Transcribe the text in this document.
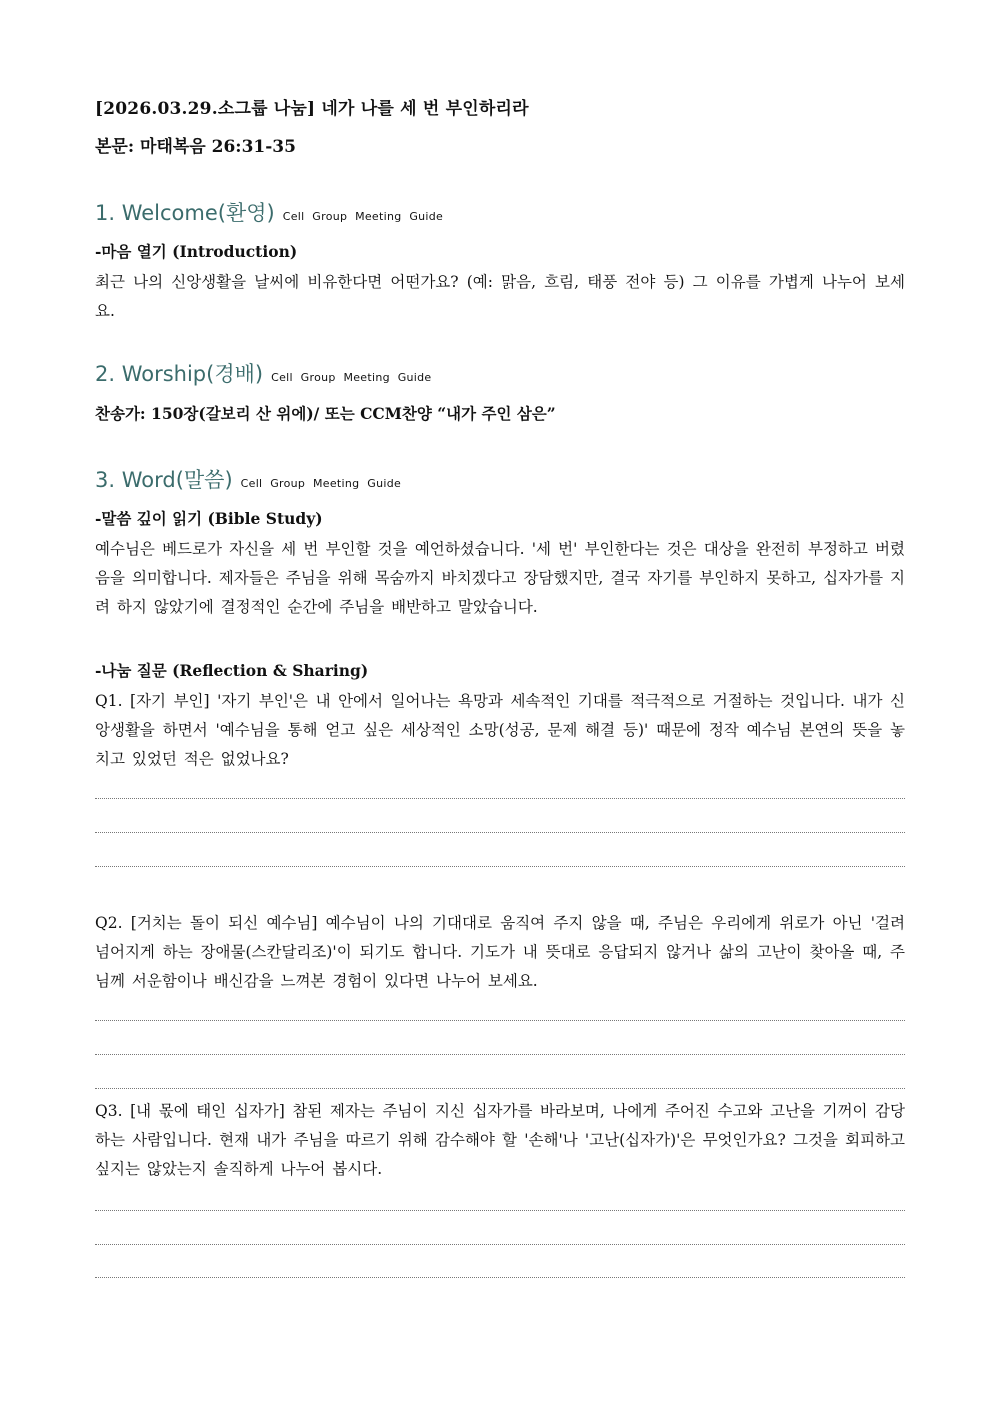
[2026.03.29.소그룹 나눔] 네가 나를 세 번 부인하리라
본문: 마태복음 26:31-35
1. Welcome(환영) Cell Group Meeting Guide
-마음 열기 (Introduction)
최근 나의 신앙생활을 날씨에 비유한다면 어떤가요? (예: 맑음, 흐림, 태풍 전야 등) 그 이유를 가볍게 나누어 보세요.
2. Worship(경배) Cell Group Meeting Guide
찬송가: 150장(갈보리 산 위에)/ 또는 CCM찬양 “내가 주인 삼은”
3. Word(말씀) Cell Group Meeting Guide
-말씀 깊이 읽기 (Bible Study)
예수님은 베드로가 자신을 세 번 부인할 것을 예언하셨습니다. '세 번' 부인한다는 것은 대상을 완전히 부정하고 버렸음을 의미합니다. 제자들은 주님을 위해 목숨까지 바치겠다고 장담했지만, 결국 자기를 부인하지 못하고, 십자가를 지려 하지 않았기에 결정적인 순간에 주님을 배반하고 말았습니다.
-나눔 질문 (Reflection & Sharing)
Q1. [자기 부인] '자기 부인'은 내 안에서 일어나는 욕망과 세속적인 기대를 적극적으로 거절하는 것입니다. 내가 신앙생활을 하면서 '예수님을 통해 얻고 싶은 세상적인 소망(성공, 문제 해결 등)' 때문에 정작 예수님 본연의 뜻을 놓치고 있었던 적은 없었나요?
Q2. [거치는 돌이 되신 예수님] 예수님이 나의 기대대로 움직여 주지 않을 때, 주님은 우리에게 위로가 아닌 '걸려 넘어지게 하는 장애물(스칸달리조)'이 되기도 합니다. 기도가 내 뜻대로 응답되지 않거나 삶의 고난이 찾아올 때, 주님께 서운함이나 배신감을 느껴본 경험이 있다면 나누어 보세요.
Q3. [내 몫에 태인 십자가] 참된 제자는 주님이 지신 십자가를 바라보며, 나에게 주어진 수고와 고난을 기꺼이 감당하는 사람입니다. 현재 내가 주님을 따르기 위해 감수해야 할 '손해'나 '고난(십자가)'은 무엇인가요? 그것을 회피하고 싶지는 않았는지 솔직하게 나누어 봅시다.
